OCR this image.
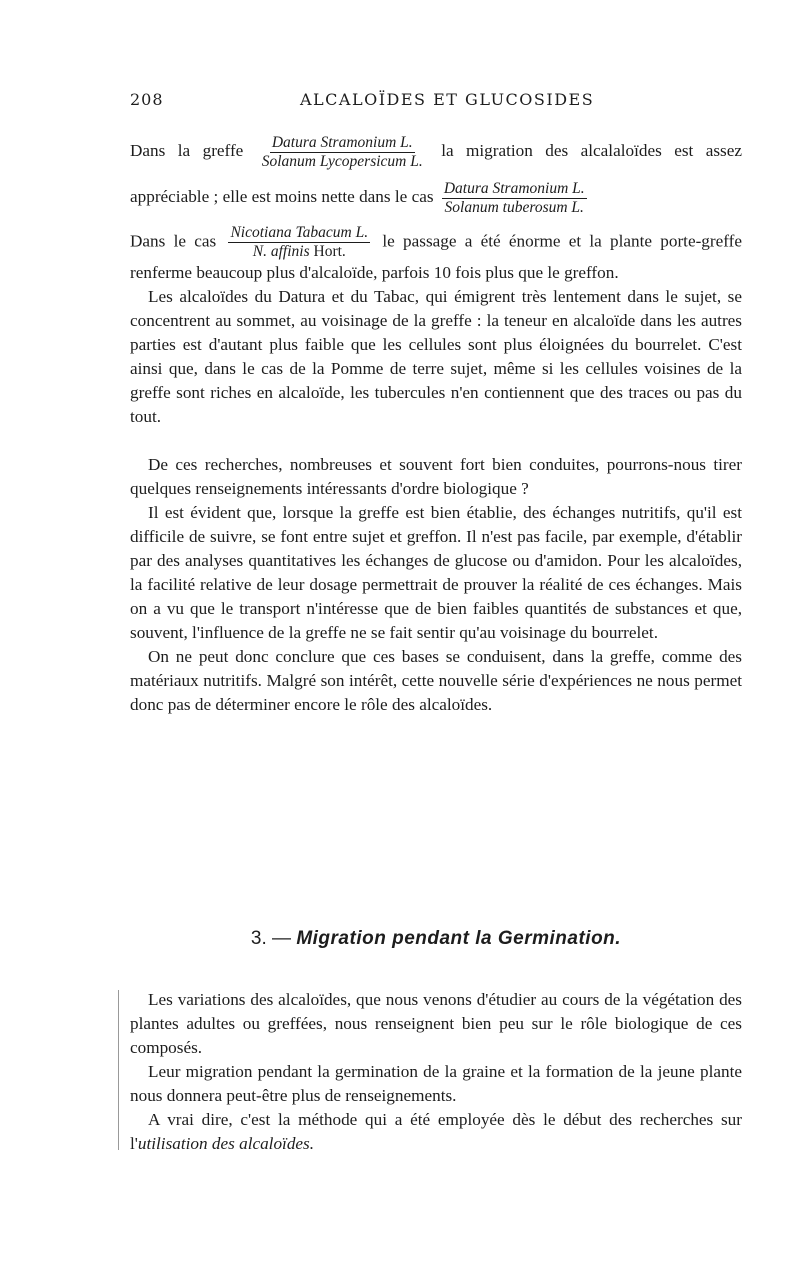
208	ALCALOÏDES ET GLUCOSIDES

Dans la greffe $\frac{\text{Datura Stramonium L.}}{\text{Solanum Lycopersicum L.}}$ la migration des alcalaloïdes est assez appréciable ; elle est moins nette dans le cas $\frac{\text{Datura Stramonium L.}}{\text{Solanum tuberosum L.}}$

Dans le cas $\frac{\text{Nicotiana Tabacum L.}}{\text{N. affinis Hort.}}$ le passage a été énorme et la plante porte-greffe renferme beaucoup plus d'alcaloïde, parfois 10 fois plus que le greffon.

Les alcaloïdes du Datura et du Tabac, qui émigrent très lentement dans le sujet, se concentrent au sommet, au voisinage de la greffe : la teneur en alcaloïde dans les autres parties est d'autant plus faible que les cellules sont plus éloignées du bourrelet. C'est ainsi que, dans le cas de la Pomme de terre sujet, même si les cellules voisines de la greffe sont riches en alcaloïde, les tubercules n'en contiennent que des traces ou pas du tout.

De ces recherches, nombreuses et souvent fort bien conduites, pourrons-nous tirer quelques renseignements intéressants d'ordre biologique ?

Il est évident que, lorsque la greffe est bien établie, des échanges nutritifs, qu'il est difficile de suivre, se font entre sujet et greffon. Il n'est pas facile, par exemple, d'établir par des analyses quantitatives les échanges de glucose ou d'amidon. Pour les alcaloïdes, la facilité relative de leur dosage permettrait de prouver la réalité de ces échanges. Mais on a vu que le transport n'intéresse que de bien faibles quantités de substances et que, souvent, l'influence de la greffe ne se fait sentir qu'au voisinage du bourrelet.

On ne peut donc conclure que ces bases se conduisent, dans la greffe, comme des matériaux nutritifs. Malgré son intérêt, cette nouvelle série d'expériences ne nous permet donc pas de déterminer encore le rôle des alcaloïdes.

3. — Migration pendant la Germination.

Les variations des alcaloïdes, que nous venons d'étudier au cours de la végétation des plantes adultes ou greffées, nous renseignent bien peu sur le rôle biologique de ces composés.

Leur migration pendant la germination de la graine et la formation de la jeune plante nous donnera peut-être plus de renseignements.

A vrai dire, c'est la méthode qui a été employée dès le début des recherches sur l'utilisation des alcaloïdes.
